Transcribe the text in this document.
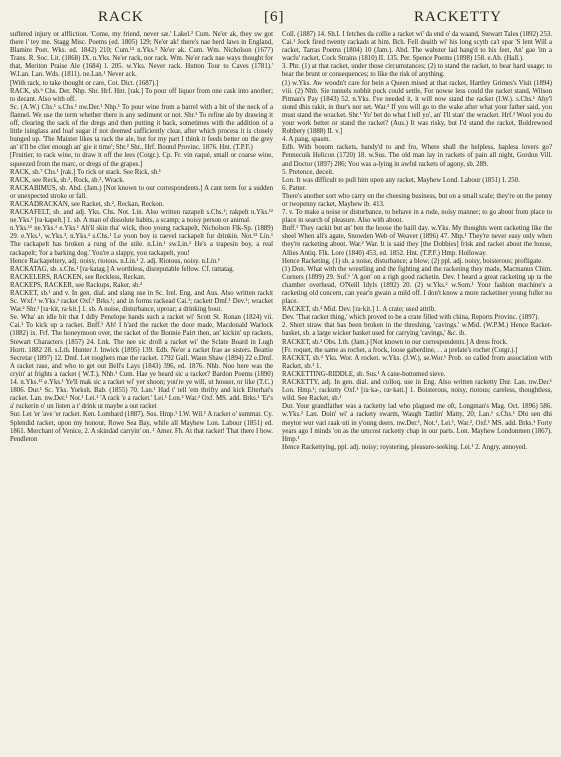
RACK	[6]	RACKETTY

suffered injury or affliction. 'Come, my friend, never sæ.' Lakel.² Cum. Ne'er ak, they sw got there i' tey me. Stagg Misc. Poems (ed. 1805) 129; Ne'er ak! there's nae herd laws in England, Blamire Poet. Wks. ed. 1842) 210; Cum.¹³ n.Yks.² Ne'er ak. Cum. Wm. Nicholson (1677) Trans. R. Soc. Lit. (1868) IX. n.Yks. Ne'er rack, nor rack. Wm. Ne'er rack nae ways thought for that, Meriton Praise Ale (1684) l. 205. w.Yks. Never rack. Hutton Tour to Caves (1781).' W.Lan. Lan. Wds. (1811). ne.Lan.¹ Never ack.

[With rack, to take thought or care, Cot. Dict. (1687).]

RACK, sb.⁶ Chs. Der. Nhp. Shr. Hrf. Hnt. [rak.] To pour off liquor from one cask into another; to decant. Also with off.

Sc. (A.W.) Chs.¹ s.Chs.¹ nw.Der.¹ Nhp.¹ To pour wine from a barrel with a bit of the neck of a flannel. We use the term whether there is any sediment or not. Shr.¹ To refine ale by drawing it off, clearing the sack of the dregs and then putting it back, sometimes with the addition of a little isinglass and loaf sugar if not deemed sufficiently clear, after which process it is closely bunged up. 'The Maister likes ta rack the ale, but for my part I think it feeds better on the grey an' it'll be clier enough an' gie it time'; Shr.² Shr., Hrf. Bound Provinc. 1876. Hnt. (T.P.F.)

[Fruitier, to rack wine, to draw it off the lees (Cotgr.). Cp. Fr. vin raqué, small or coarse wine, squeezed from the marc, or dregs of the grapes.]

RACK, sb.⁷ Chs.¹ [rak.] To rick or stack. See Rick, sb.¹

RACK, see Reck, sb.², Rock, sb.², Wrack.

RACKABIMUS, sb. Abd. (Jam.) [Not known to our correspondents.] A cant term for a sudden or unexpected stroke or fall.

RACKADRACKAN, see Racket, sb.², Reckan, Reckon.

RACKAFELT, sb. and adj. Yks. Chs. Not. Lin. Also written razapelt s.Chs.¹; rakpelt n.Yks.¹² ne.Yks.¹ [ra·kapelt.] 1. sb. A man of dissolute habits, a scamp; a noisy person or animal.

n.Yks.¹² ne.Yks.¹ e.Yks.¹ Ah'll skin tha' wick, thoo young rackapelt, Nicholson Flk-Sp. (1889) 29. e.Yks.¹, w.Yks.³, n.Yks.² s.Chs.¹ Le yoon boy is raevel rackapelt fur drinkin. Not.¹³ Lin.¹ The rackapelt has broken a rung of the stile. n.Lin.¹ sw.Lin.¹ He's a trapesin boy, a real rackapelt; 'for a barking dog.' You're a slappy, you rackapelt, you!

Hence Rackapeltery, adj. noisy, riotous. n.Lin.¹ 2. adj. Riotous, noisy. n.Lin.¹

RACKATAG, sb. s.Chs.¹ [ra·katag.] A worthless, disreputable fellow. Cf. rattatag.

RACKELERS, RACKEN, see Reckless, Reckan.

RACKEPS, RACKER, see Rackups, Raker, sb.²

RACKET, sb.¹ and v. In gen. dial. and slang use in Sc. Irel. Eng. and Aus. Also written rackit Sc. Wxf.¹ w.Yks.¹ racket Oxf.¹ Brks.¹; and in forms rackead Cai.¹; rackett Dmf.¹ Dev.¹; wracket War.² Shr.¹ [ra·kit, ra·kit.] 1. sb. A noise, disturbance, uproar; a drinking bout.

Se. Wha' an idle bit that I ddly Penelope hands such a racket wi' Scott St. Ronan (1824) vii. Cai.¹ To kick up a racket. Bnff.¹ Ah! I h'ard the racket the door made, Macdonald Warlock (1882) ix. Frf. The honeymoon over, the racket of the Bonnie Pairt then, an' kickin' up rackets, Stewart Characters (1857) 24. Lnk. The nee sic droll a racket wi' the Sclate Board in Lugh Hortt. 1882 28. s.Lth. Hunter J. Inwick (1895) 139. Edb. Ne'er a racket frae ae sisters. Beattie Secretar (1897) 12. Dmf. Let tooghers mae the racket. 1792 Gall. Waun Shaw (1894) 22 e.Dmf. A racket rase, and who to get out Bell's Lays (1843) 396, ed. 1876. Nhb. Noo here was the cryin' at frights a racket ( W.T.), Nhb.¹ Cum. Hae ye heard sic a racket? Bardon Poems (1890) 14. n.Yks.¹² e.Yks.¹ Ye'll mak sic a racket wi' yer shoon; you're ye will, ut houser, or like (T.C.) 1806. Dur.¹ Sc. Yks. Yorksh. Bab. (1855) 70. Lan.¹ Had t' tell 'em thrifty and kick Elterhat's racket. Lan. nw.Der.¹ Not.¹ Lei.¹ 'A rack 'e a racket.' Lei.¹ Lon.² War.² Oxf. MS. add. Brks.¹ 'Er's a' ruckerin o' un listen a t' drink ut maybe a out racket

Sur. Let 'er 'ave 'er racket. Ken. Lombard (1887). Sus. Hmp.¹ I.W. Wil.¹ A racket o' summat. Cy. Splendid racket, upon my honour, Rowe Sea Bay, while all Mayhew Lon. Labour (1851) ed. 1861. Merchant of Venice, 2. A skindad carryin' on. ¹ Amer. Fh. At that racket! That there I bow. Pendleton

Coll. (1887) 14. Sh.I. I fetches da collie a racket wi' da end o' da waand, Stewart Tales (1892) 253. Cai.¹ Jock fired twenty rackads at him. Bch. Fell deaith wi' his long scyth ca't spar 'S lent Will a racket, Tarras Poems (1804) 10 (Jam.). Abd. The wabster lad bang'd to his feet, An' gae 'im a wacfu' racket, Cock Strains (1810) II. 135. Per. Spence Poems (1898) 158. e.Ab. (Hall.).

3. Phr. (1) at that racket, under those circumstances; (2) to stand the racket, to bear hard usage; to bear the brunt or consequences; to like the risk of anything.

(1) w.Yks. Aw woodn't care for bein a Queen mised at that racket, Hartley Grimes's Visit (1894) viii. (2) Nhb. Sie tunnels nobbit puck could settle, For nowse less could the racket stand, Wilson Pitman's Pay (1843) 52. n.Yks. I've needed it, it will now stand the racket (I.W.). s.Chs.¹ Ahy'l stond dhis rakit, in thur's nor set. War.² If you will go to the wake after what your father said, you must stand the wracket. Shr.¹ Yo' bet do what I tell yo', an' I'll stan' the wracket. Hrf.² Wool you do your work better or stand the racket? (Aus.) It was risky, but I'd stand the racket, Boldrewood Robbery (1888) II. v.]

4. A pang, spasm.

Edb. With bosom rackets, bandy'd to and fro, Where shall the helpless, hapless lovers go? Pennecuik Helicon (1720) 18. w.Sus. The old man lay in rackets of pain all night, Gordon Vill. and Doctor (1897) 286; You was a-lying in awful rackets of agony, sb. 289.

5. Pretence, deceit.

Lon. It was difficult to pull him upon any racket, Mayhew Lond. Labour (1851) I. 250.

6. Patter.

There's another sort who carry on the cheesing business, but on a small scale; they're on the penny or twopenny racket, Mayhew ib. 413.

7. v. To make a noise or disturbance, to behave in a rude, noisy manner; to go about from place to place in search of pleasure. Also with about.

Bnff.¹ They rackit but an' ben the hoose the haill day. w.Yks. My thoughts went racketing like the sheel When all's agate, Snowden Web of Weaver (1896) 47. Nhp.¹ They're never easy only when they're racketing about. War.² War. It is said they [the Dobbies] frisk and racket about the house, Allies Antiq. Flk. Lore (1840) 453, ed. 1852. Hnt. (T.P.F.) Hmp. Holloway.

Hence Racketing, (1) sb. a noise, disturbance; a blow; (2) ppl. adj. noisy, boisterous; profligate.

(1) Don. What with the wrestling and the fighting and the racketing they made, Macmanus Chim. Corners (1899) 29. Suf.¹ 'A gon' on a righ good racketin. Dev. I heard a great racketing up ta the chamber overhead, O'Neill Idyls (1892) 20. (2) w.Yks.² w.Som.¹ Your fashion machine's a racketing old concern, can year'n gwain a mild off. I don't know a more racketiner young fuller no place.

RACKET, sb.² Mid. Dev. [ra·kit.] 1. A crate; used attrib.

Dev. 'That racket thing,' which proved to be a crate filled with china, Reports Provinc. (1897).

2. Short straw that has been broken in the threshing, 'cavings.' w.Mid. (W.P.M.) Hence Racket-basket, sb. a large wicker basket used for carrying 'cavings,' &c. ib.

RACKET, sb.³ Obs. Lth. (Jam.) [Not known to our correspondents.] A dress frock.

[Fr. roquet, the same as rochet, a frock, loose gaberdine, . . a prelate's rochet (Cotgr.).]

RACKET, sb.⁴ Yks. Wor. A rocket. w.Yks. (J.W.), se.Wor.¹ Prob. so called from association with Racket, sb.¹ 1.

RACKETTING-RIDDLE, sb. Sus.¹ A cane-bottomed sieve.

RACKETTY, adj. In gen. dial. and colloq. use in Eng. Also written racketty Dur. Lan. nw.Der.¹ Lon. Hmp.¹; rackutty Oxf.¹ [ra·kə-, ræ·kəti.] 1. Boisterous, noisy, riotous; careless, thoughtless, wild. See Racket, sb.¹

Dur. Your grandfather was a racketty lad who plagued me oft, Longman's Mag. Oct. 1896) 586. w.Yks.² Lan. Doin' wi' a rackety swarm, Waugh Tattlin' Matty, 20; Lan.¹ s.Chs.¹ Dhi sen dhi meytor wur vari raak·uti in y'oung deers. nw.Der.¹, Not.¹, Lei.¹, War.², Oxf.¹ MS. add. Brks.¹ Forty years ago I minds 'on as the umcost racketty chap in our parts. Lon. Mayhew Londonmen (1867). Hmp.¹

Hence Rackettying, ppl. adj. noisy; roystering, pleasure-seeking. Lei.¹ 2. Angry, annoyed.
